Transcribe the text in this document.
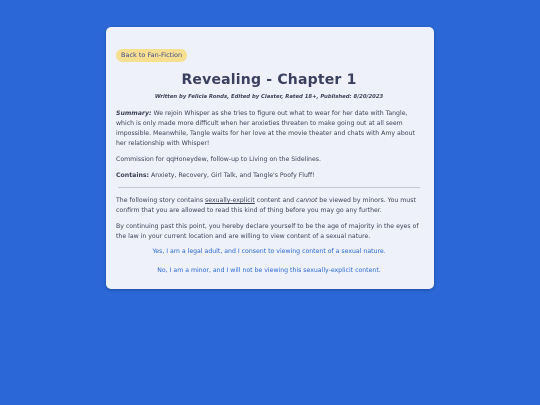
Back to Fan-Fiction
Revealing - Chapter 1
Written by Felicia Ronds, Edited by Claster, Rated 18+, Published: 8/20/2023

Summary: We rejoin Whisper as she tries to figure out what to wear for her date with Tangle, which is only made more difficult when her anxieties threaten to make going out at all seem impossible. Meanwhile, Tangle waits for her love at the movie theater and chats with Amy about her relationship with Whisper!

Commission for qqHoneydew, follow-up to Living on the Sidelines.

Contains: Anxiety, Recovery, Girl Talk, and Tangle's Poofy Fluff!

The following story contains sexually-explicit content and cannot be viewed by minors. You must confirm that you are allowed to read this kind of thing before you may go any further.

By continuing past this point, you hereby declare yourself to be the age of majority in the eyes of the law in your current location and are willing to view content of a sexual nature.

Yes, I am a legal adult, and I consent to viewing content of a sexual nature.
No, I am a minor, and I will not be viewing this sexually-explicit content.
